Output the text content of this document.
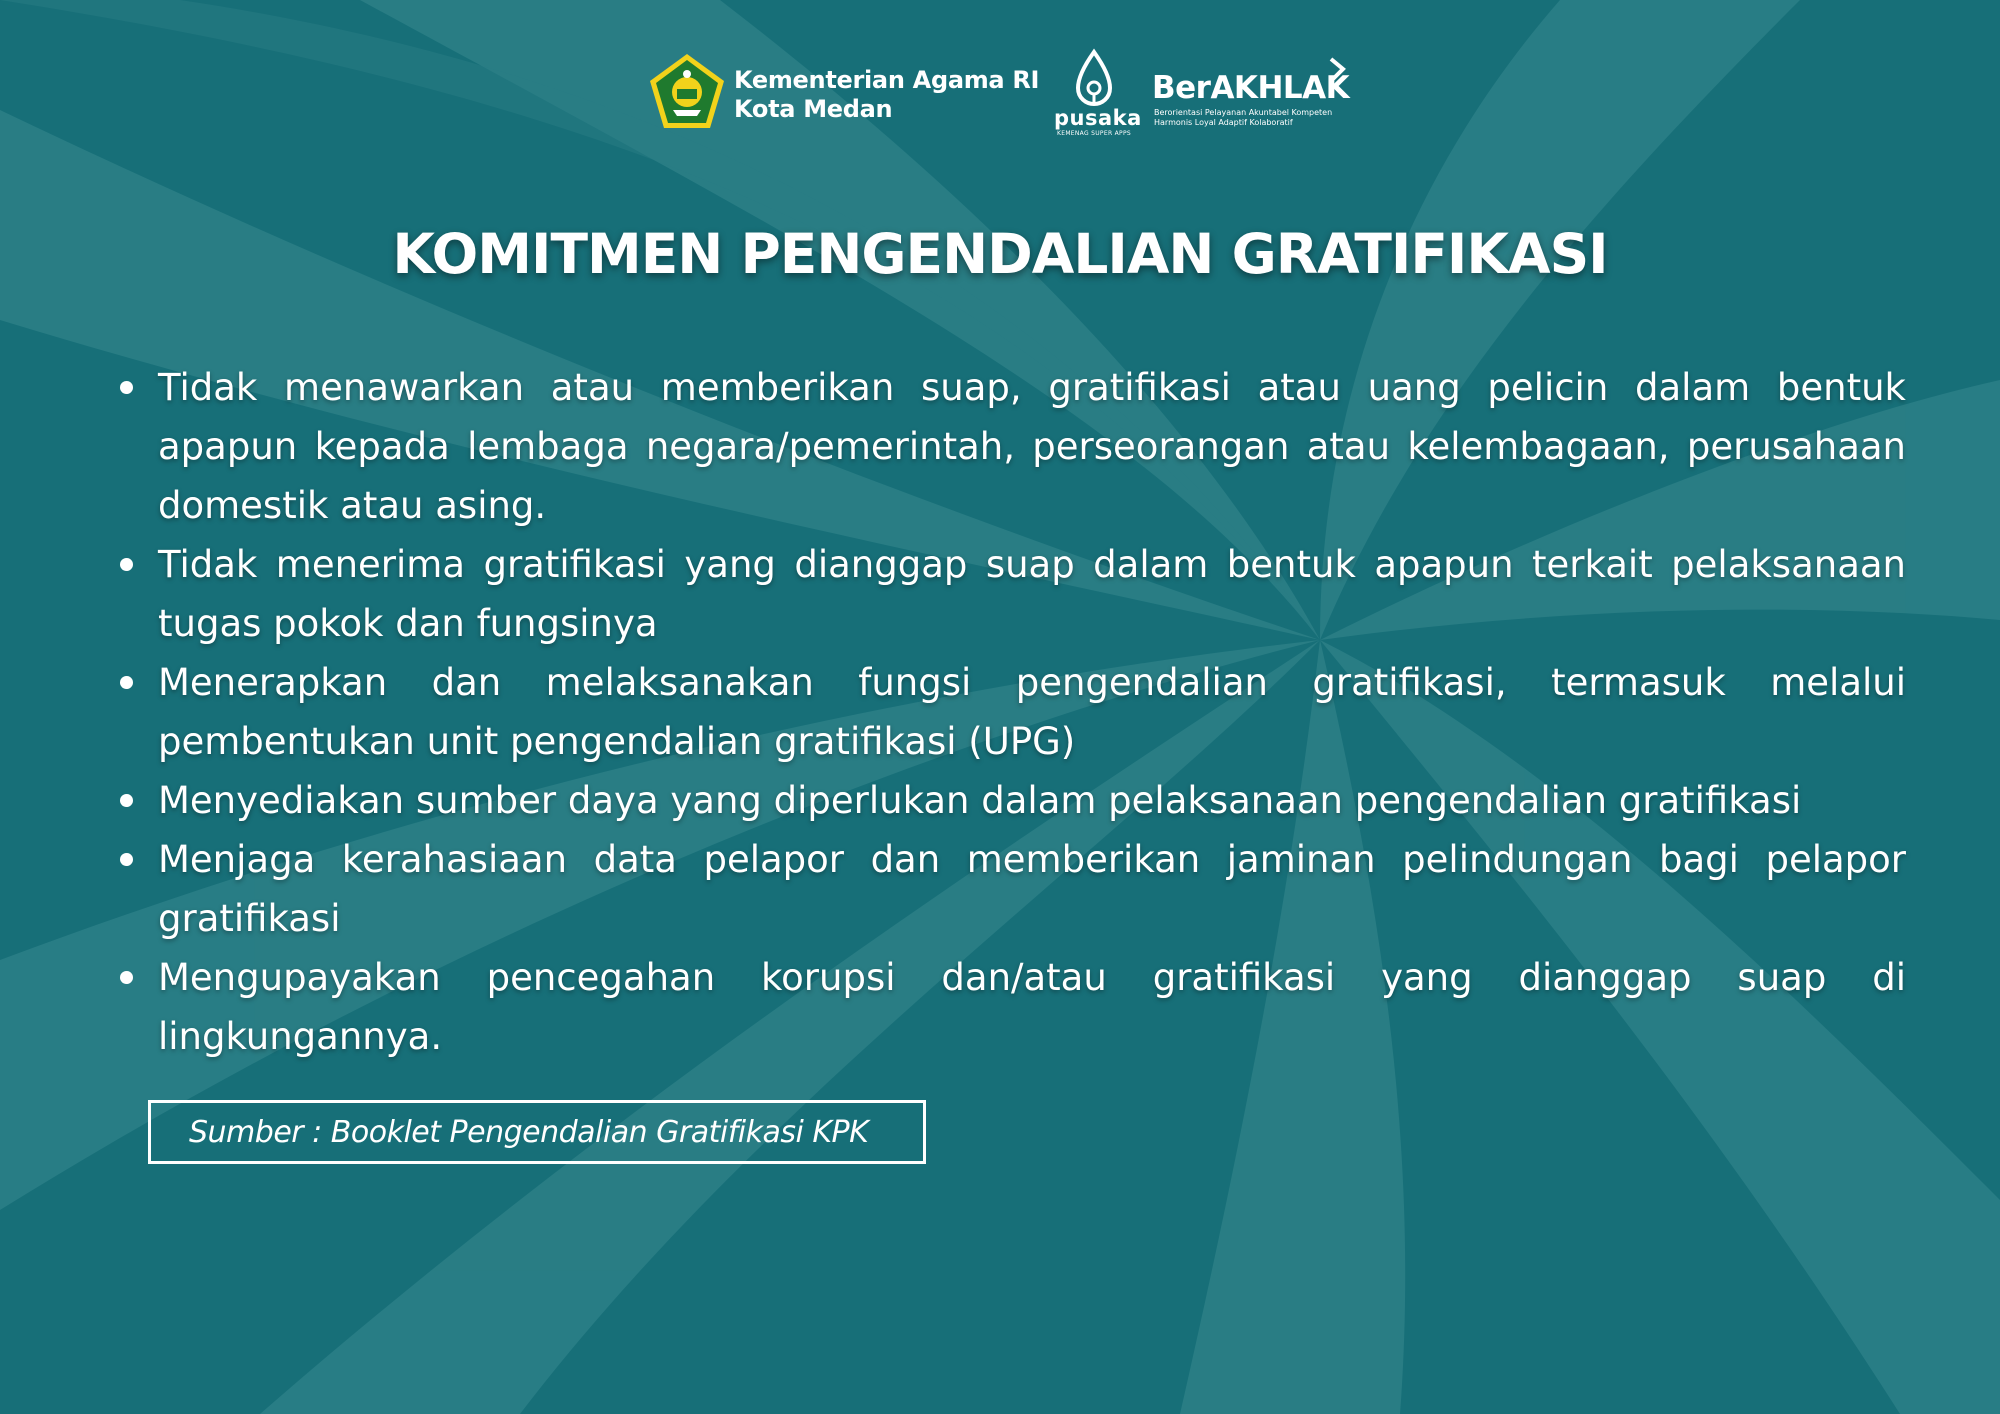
Kementerian Agama RI
Kota Medan	pusaka
KEMENAG SUPER APPS
BerAKHLAK
Berorientasi Pelayanan Akuntabel Kompeten
Harmonis Loyal Adaptif Kolaboratif
KOMITMEN PENGENDALIAN GRATIFIKASI
Tidak menawarkan atau memberikan suap, gratifikasi atau uang pelicin dalam bentuk apapun kepada lembaga negara/pemerintah, perseorangan atau kelembagaan, perusahaan domestik atau asing.
Tidak menerima gratifikasi yang dianggap suap dalam bentuk apapun terkait pelaksanaan tugas pokok dan fungsinya
Menerapkan dan melaksanakan fungsi pengendalian gratifikasi, termasuk melalui pembentukan unit pengendalian gratifikasi (UPG)
Menyediakan sumber daya yang diperlukan dalam pelaksanaan pengendalian gratifikasi
Menjaga kerahasiaan data pelapor dan memberikan jaminan pelindungan bagi pelapor gratifikasi
Mengupayakan pencegahan korupsi dan/atau gratifikasi yang dianggap suap di lingkungannya.
Sumber : Booklet Pengendalian Gratifikasi KPK
